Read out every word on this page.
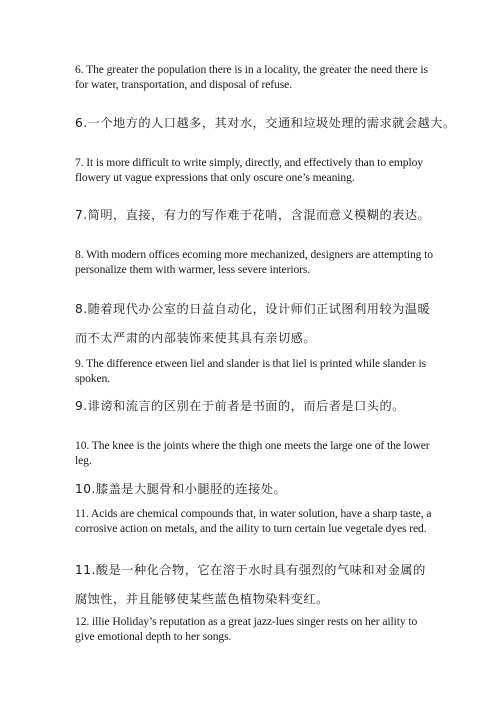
6. The greater the population there is in a locality, the greater the need there is for water, transportation, and disposal of refuse.

6.一个地方的人口越多，其对水，交通和垃圾处理的需求就会越大。

7. It is more difficult to write simply, directly, and effectively than to employ flowery ut vague expressions that only oscure one’s meaning.

7.简明，直接，有力的写作难于花哨，含混而意义模糊的表达。

8. With modern offices ecoming more mechanized, designers are attempting to personalize them with warmer, less severe interiors.

8.随着现代办公室的日益自动化，设计师们正试图利用较为温暖而不太严肃的内部装饰来使其具有亲切感。

9. The difference etween liel and slander is that liel is printed while slander is spoken.

9.诽谤和流言的区别在于前者是书面的，而后者是口头的。

10. The knee is the joints where the thigh one meets the large one of the lower leg.

10.膝盖是大腿骨和小腿胫的连接处。

11. Acids are chemical compounds that, in water solution, have a sharp taste, a corrosive action on metals, and the aility to turn certain lue vegetale dyes red.

11.酸是一种化合物，它在溶于水时具有强烈的气味和对金属的腐蚀性，并且能够使某些蓝色植物染料变红。

12. illie Holiday’s reputation as a great jazz-lues singer rests on her aility to give emotional depth to her songs.
